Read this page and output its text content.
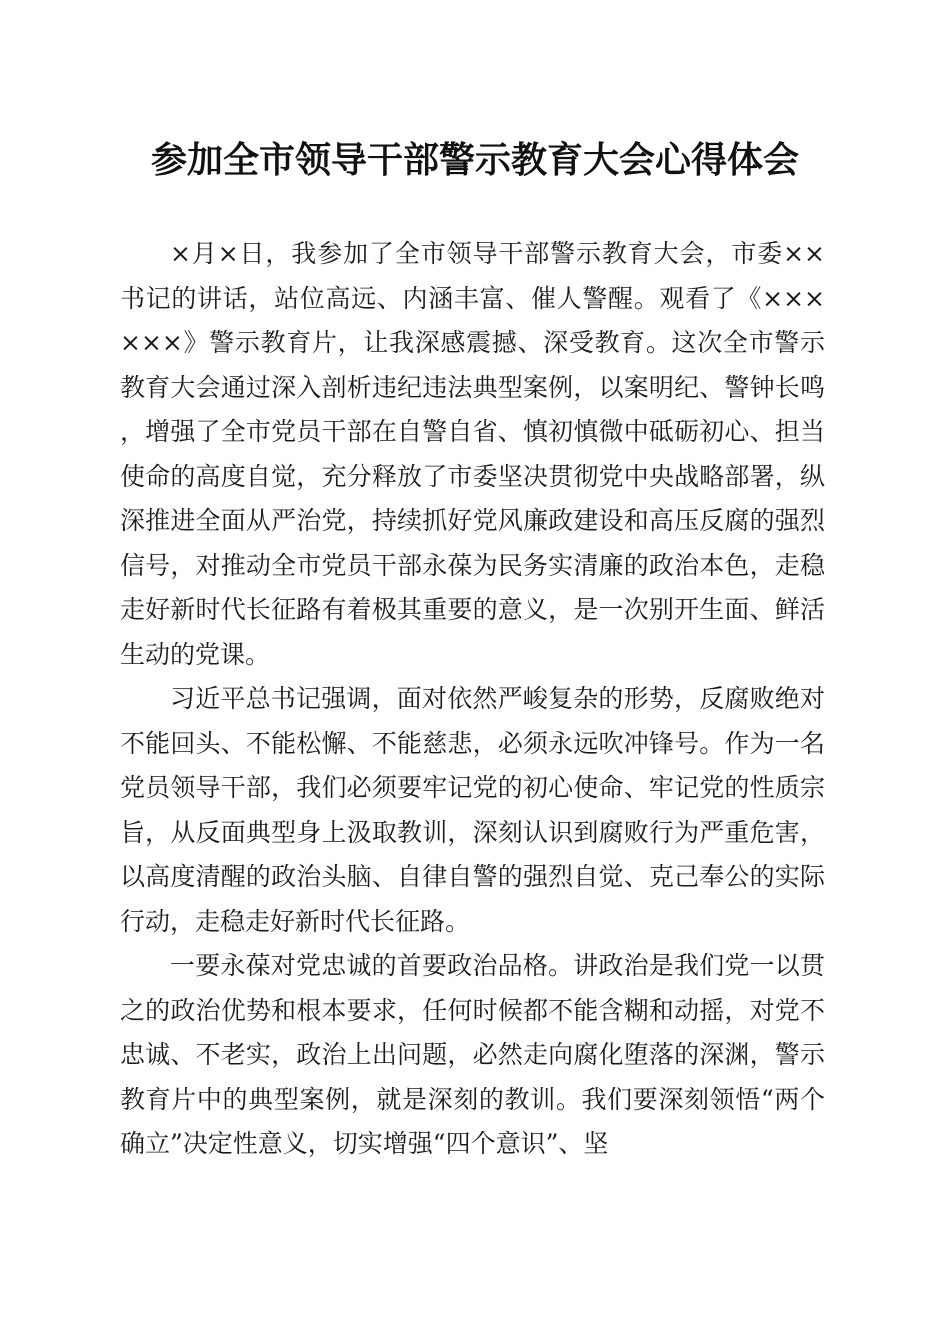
参加全市领导干部警示教育大会心得体会

×月×日，我参加了全市领导干部警示教育大会，市委××书记的讲话，站位高远、内涵丰富、催人警醒。观看了《××××××》警示教育片，让我深感震撼、深受教育。这次全市警示教育大会通过深入剖析违纪违法典型案例，以案明纪、警钟长鸣，增强了全市党员干部在自警自省、慎初慎微中砥砺初心、担当使命的高度自觉，充分释放了市委坚决贯彻党中央战略部署，纵深推进全面从严治党，持续抓好党风廉政建设和高压反腐的强烈信号，对推动全市党员干部永葆为民务实清廉的政治本色，走稳走好新时代长征路有着极其重要的意义，是一次别开生面、鲜活生动的党课。

习近平总书记强调，面对依然严峻复杂的形势，反腐败绝对不能回头、不能松懈、不能慈悲，必须永远吹冲锋号。作为一名党员领导干部，我们必须要牢记党的初心使命、牢记党的性质宗旨，从反面典型身上汲取教训，深刻认识到腐败行为严重危害，以高度清醒的政治头脑、自律自警的强烈自觉、克己奉公的实际行动，走稳走好新时代长征路。

一要永葆对党忠诚的首要政治品格。讲政治是我们党一以贯之的政治优势和根本要求，任何时候都不能含糊和动摇，对党不忠诚、不老实，政治上出问题，必然走向腐化堕落的深渊，警示教育片中的典型案例，就是深刻的教训。我们要深刻领悟“两个确立”决定性意义，切实增强“四个意识”、坚
